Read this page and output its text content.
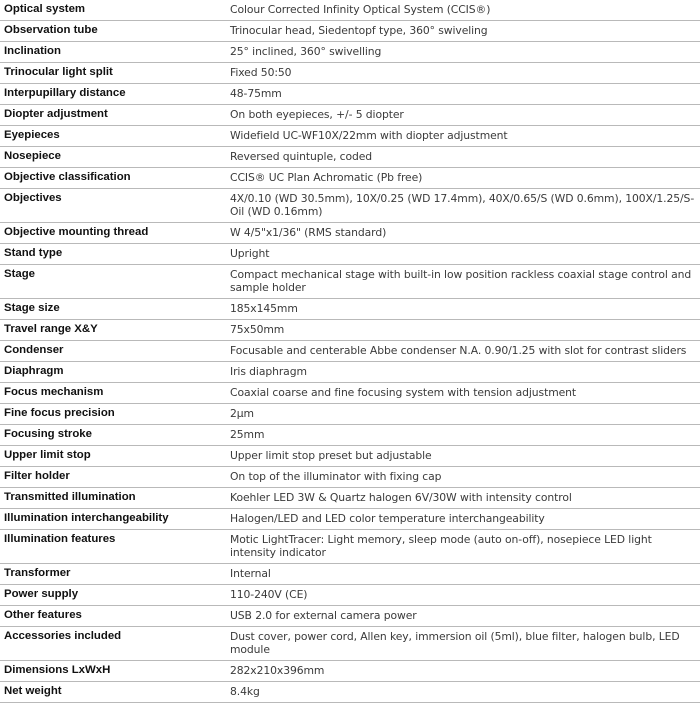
Optical system	Colour Corrected Infinity Optical System (CCIS®)
Observation tube	Trinocular head, Siedentopf type, 360° swiveling
Inclination	25° inclined, 360° swivelling
Trinocular light split	Fixed 50:50
Interpupillary distance	48-75mm
Diopter adjustment	On both eyepieces, +/- 5 diopter
Eyepieces	Widefield UC-WF10X/22mm with diopter adjustment
Nosepiece	Reversed quintuple, coded
Objective classification	CCIS® UC Plan Achromatic (Pb free)
Objectives	4X/0.10 (WD 30.5mm), 10X/0.25 (WD 17.4mm), 40X/0.65/S (WD 0.6mm), 100X/1.25/S-Oil (WD 0.16mm)
Objective mounting thread	W 4/5"x1/36" (RMS standard)
Stand type	Upright
Stage	Compact mechanical stage with built-in low position rackless coaxial stage control and sample holder
Stage size	185x145mm
Travel range X&Y	75x50mm
Condenser	Focusable and centerable Abbe condenser N.A. 0.90/1.25 with slot for contrast sliders
Diaphragm	Iris diaphragm
Focus mechanism	Coaxial coarse and fine focusing system with tension adjustment
Fine focus precision	2μm
Focusing stroke	25mm
Upper limit stop	Upper limit stop preset but adjustable
Filter holder	On top of the illuminator with fixing cap
Transmitted illumination	Koehler LED 3W & Quartz halogen 6V/30W with intensity control
Illumination interchangeability	Halogen/LED and LED color temperature interchangeability
Illumination features	Motic LightTracer: Light memory, sleep mode (auto on-off), nosepiece LED light intensity indicator
Transformer	Internal
Power supply	110-240V (CE)
Other features	USB 2.0 for external camera power
Accessories included	Dust cover, power cord, Allen key, immersion oil (5ml), blue filter, halogen bulb, LED module
Dimensions LxWxH	282x210x396mm
Net weight	8.4kg
